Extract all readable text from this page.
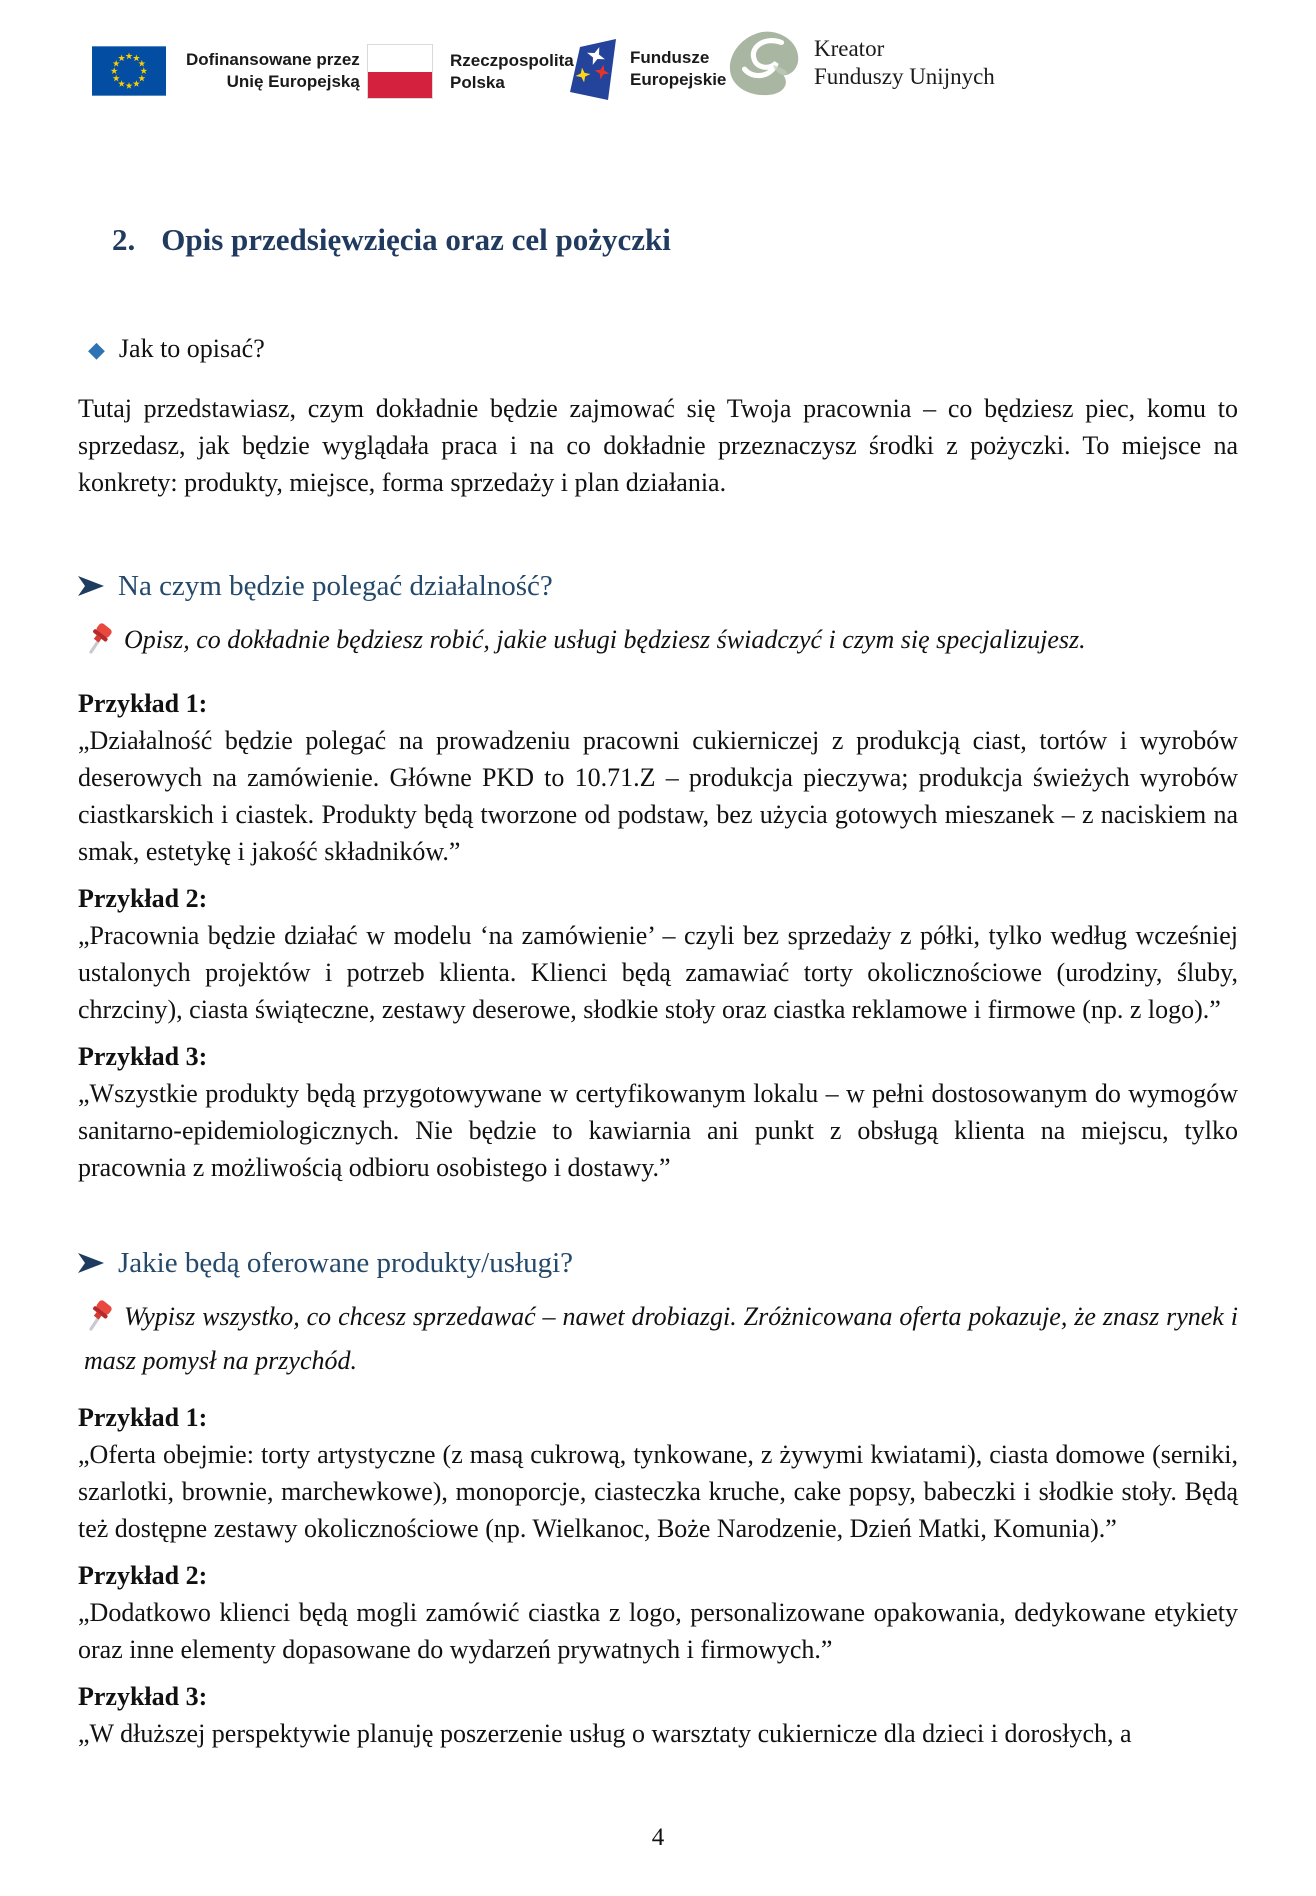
Dofinansowane przez
Unię Europejską
Rzeczpospolita
Polska
Fundusze
Europejskie
Kreator
Funduszy Unijnych
2. Opis przedsięwzięcia oraz cel pożyczki
◆ Jak to opisać?

Tutaj przedstawiasz, czym dokładnie będzie zajmować się Twoja pracownia – co będziesz piec, komu to sprzedasz, jak będzie wyglądała praca i na co dokładnie przeznaczysz środki z pożyczki. To miejsce na konkrety: produkty, miejsce, forma sprzedaży i plan działania.

Na czym będzie polegać działalność?

Opisz, co dokładnie będziesz robić, jakie usługi będziesz świadczyć i czym się specjalizujesz.

Przykład 1:

„Działalność będzie polegać na prowadzeniu pracowni cukierniczej z produkcją ciast, tortów i wyrobów deserowych na zamówienie. Główne PKD to 10.71.Z – produkcja pieczywa; produkcja świeżych wyrobów ciastkarskich i ciastek. Produkty będą tworzone od podstaw, bez użycia gotowych mieszanek – z naciskiem na smak, estetykę i jakość składników.”

Przykład 2:

„Pracownia będzie działać w modelu ‘na zamówienie’ – czyli bez sprzedaży z półki, tylko według wcześniej ustalonych projektów i potrzeb klienta. Klienci będą zamawiać torty okolicznościowe (urodziny, śluby, chrzciny), ciasta świąteczne, zestawy deserowe, słodkie stoły oraz ciastka reklamowe i firmowe (np. z logo).”

Przykład 3:

„Wszystkie produkty będą przygotowywane w certyfikowanym lokalu – w pełni dostosowanym do wymogów sanitarno-epidemiologicznych. Nie będzie to kawiarnia ani punkt z obsługą klienta na miejscu, tylko pracownia z możliwością odbioru osobistego i dostawy.”

Jakie będą oferowane produkty/usługi?

Wypisz wszystko, co chcesz sprzedawać – nawet drobiazgi. Zróżnicowana oferta pokazuje, że znasz rynek i masz pomysł na przychód.

Przykład 1:

„Oferta obejmie: torty artystyczne (z masą cukrową, tynkowane, z żywymi kwiatami), ciasta domowe (serniki, szarlotki, brownie, marchewkowe), monoporcje, ciasteczka kruche, cake popsy, babeczki i słodkie stoły. Będą też dostępne zestawy okolicznościowe (np. Wielkanoc, Boże Narodzenie, Dzień Matki, Komunia).”

Przykład 2:

„Dodatkowo klienci będą mogli zamówić ciastka z logo, personalizowane opakowania, dedykowane etykiety oraz inne elementy dopasowane do wydarzeń prywatnych i firmowych.”

Przykład 3:

„W dłuższej perspektywie planuję poszerzenie usług o warsztaty cukiernicze dla dzieci i dorosłych, a

4
